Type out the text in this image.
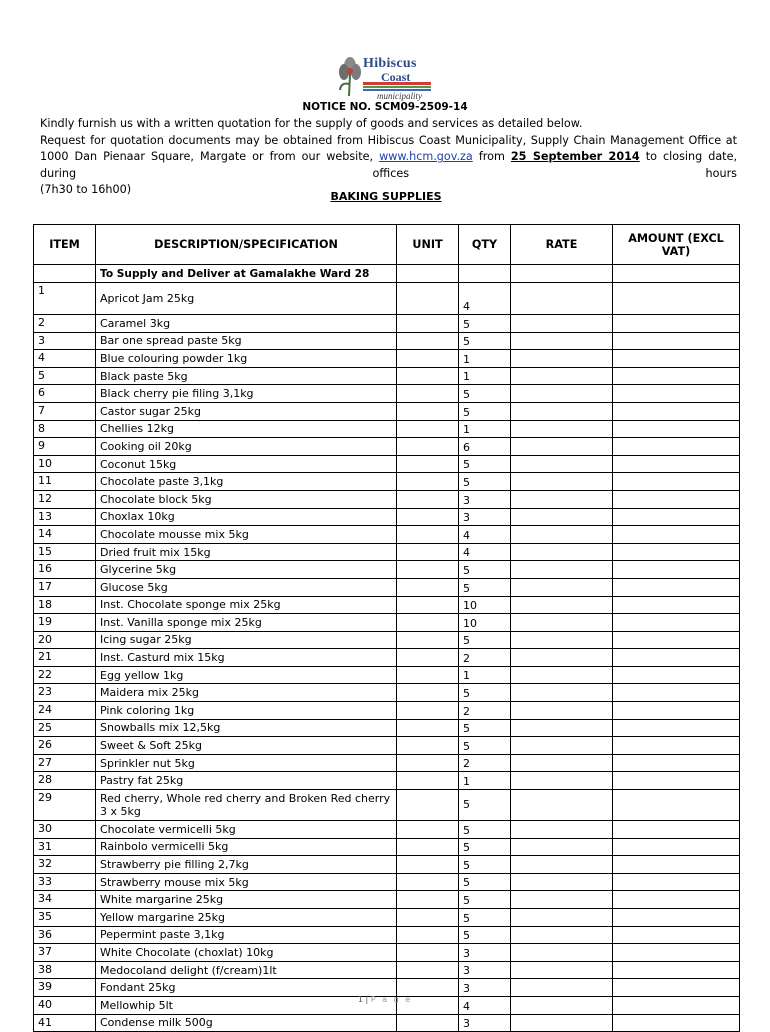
Hibiscus
Coast
municipality
NOTICE NO. SCM09-2509-14

Kindly furnish us with a written quotation for the supply of goods and services as detailed below.

Request for quotation documents may be obtained from Hibiscus Coast Municipality, Supply Chain Management Office at 1000 Dan Pienaar Square, Margate or from our website, www.hcm.gov.za from 25 September 2014 to closing date, during offices hours

(7h30 to 16h00)

BAKING SUPPLIES
ITEM	DESCRIPTION/SPECIFICATION	UNIT	QTY	RATE	AMOUNT (EXCL VAT)
	To Supply and Deliver at Gamalakhe Ward 28				
1	Apricot Jam 25kg		4		
2	Caramel 3kg		5		
3	Bar one spread paste 5kg		5		
4	Blue colouring powder 1kg		1		
5	Black paste 5kg		1		
6	Black cherry pie filing 3,1kg		5		
7	Castor sugar 25kg		5		
8	Chellies 12kg		1		
9	Cooking oil 20kg		6		
10	Coconut 15kg		5		
11	Chocolate paste 3,1kg		5		
12	Chocolate block 5kg		3		
13	Choxlax 10kg		3		
14	Chocolate mousse mix 5kg		4		
15	Dried fruit mix 15kg		4		
16	Glycerine 5kg		5		
17	Glucose 5kg		5		
18	Inst. Chocolate sponge mix 25kg		10		
19	Inst. Vanilla sponge mix 25kg		10		
20	Icing sugar 25kg		5		
21	Inst. Casturd mix 15kg		2		
22	Egg yellow 1kg		1		
23	Maidera mix 25kg		5		
24	Pink coloring 1kg		2		
25	Snowballs mix 12,5kg		5		
26	Sweet & Soft 25kg		5		
27	Sprinkler nut 5kg		2		
28	Pastry fat 25kg		1		
29	Red cherry, Whole red cherry and Broken Red cherry 3 x 5kg		5		
30	Chocolate vermicelli 5kg		5		
31	Rainbolo vermicelli 5kg		5		
32	Strawberry pie filling 2,7kg		5		
33	Strawberry mouse mix 5kg		5		
34	White margarine 25kg		5		
35	Yellow margarine 25kg		5		
36	Pepermint paste 3,1kg		5		
37	White Chocolate (choxlat) 10kg		3		
38	Medocoland delight (f/cream)1lt		3		
39	Fondant 25kg		3		
40	Mellowhip 5lt		4		
41	Condense milk 500g		3		
1 | P a g e
